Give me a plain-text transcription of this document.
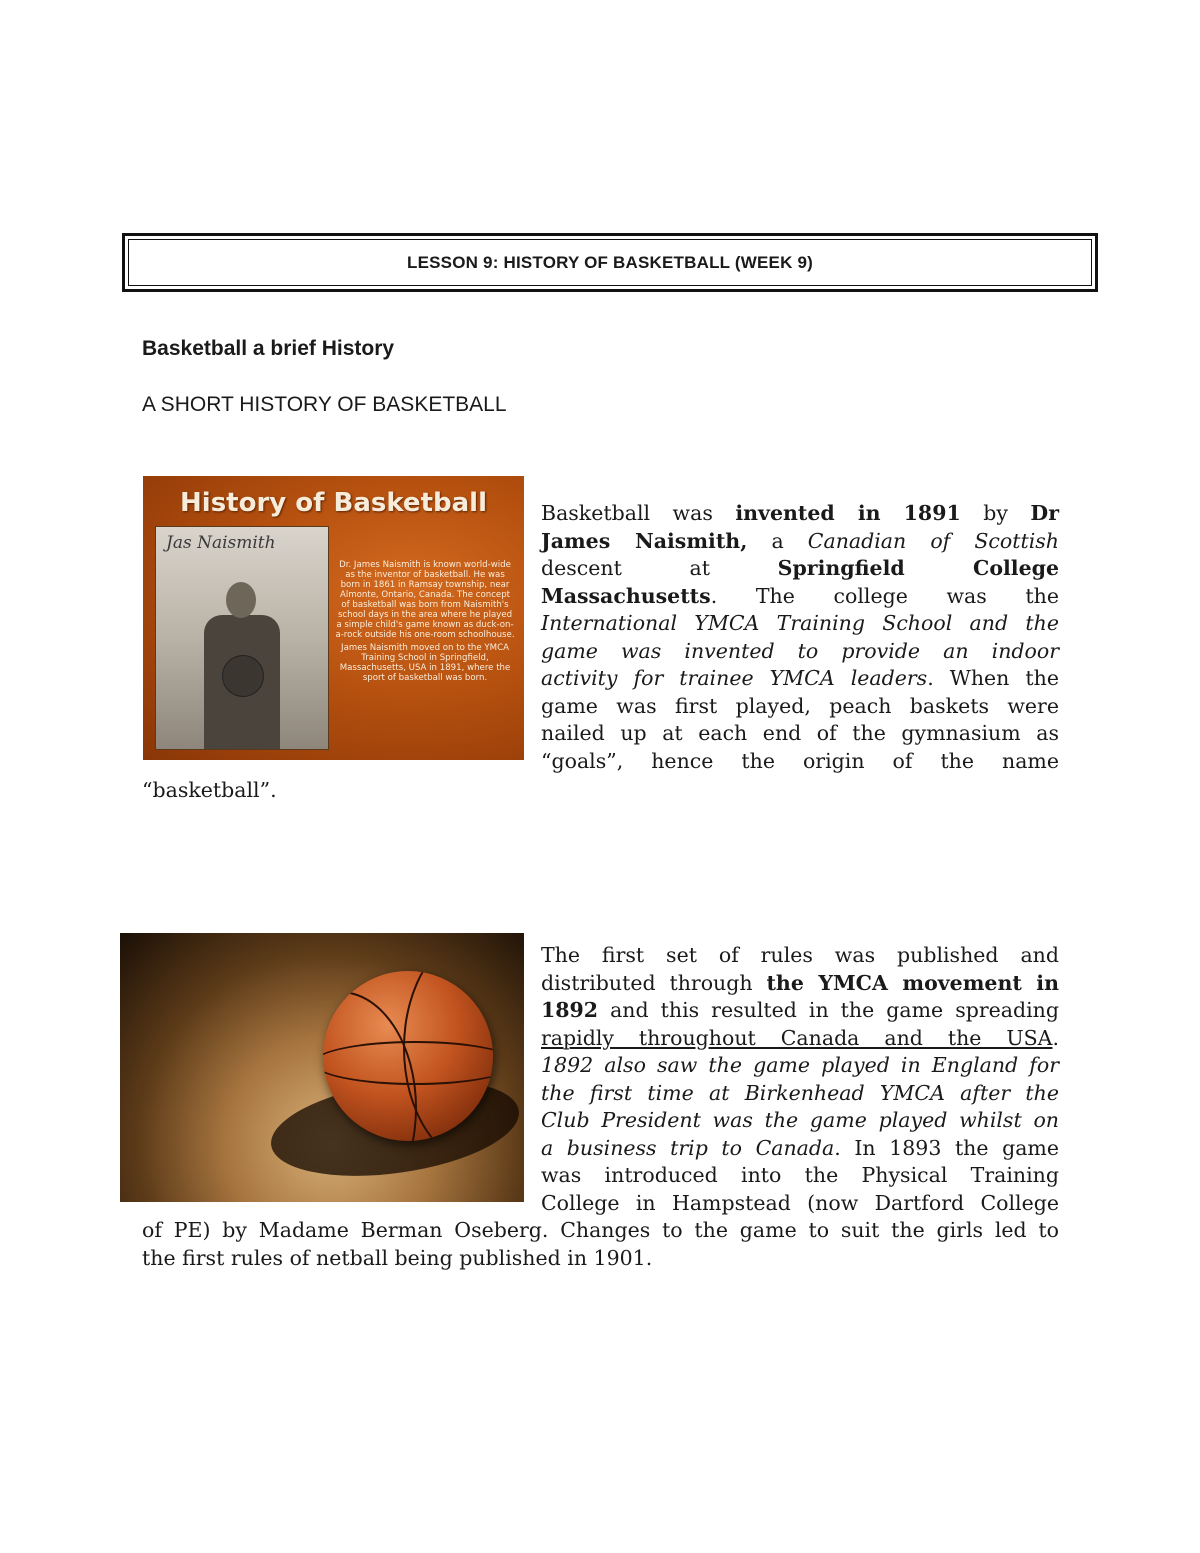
LESSON 9: HISTORY OF BASKETBALL (WEEK 9)
Basketball a brief History
A SHORT HISTORY OF BASKETBALL
History of Basketball
Jas Naismith

Dr. James Naismith is known world-wide as the inventor of basketball. He was born in 1861 in Ramsay township, near Almonte, Ontario, Canada. The concept of basketball was born from Naismith's school days in the area where he played a simple child's game known as duck-on-a-rock outside his one-room schoolhouse.

James Naismith moved on to the YMCA Training School in Springfield, Massachusetts, USA in 1891, where the sport of basketball was born.

Basketball was invented in 1891 by Dr
James Naismith, a Canadian of Scottish
descent at Springfield College
Massachusetts. The college was the
International YMCA Training School and the
game was invented to provide an indoor
activity for trainee YMCA leaders. When the
game was first played, peach baskets were
nailed up at each end of the gymnasium as
“goals”, hence the origin of the name
“basketball”.
The first set of rules was published and
distributed through the YMCA movement in
1892 and this resulted in the game spreading
rapidly throughout Canada and the USA.
1892 also saw the game played in England for
the first time at Birkenhead YMCA after the
Club President was the game played whilst on
a business trip to Canada. In 1893 the game
was introduced into the Physical Training
College in Hampstead (now Dartford College
of PE) by Madame Berman Oseberg. Changes to the game to suit the girls led to
the first rules of netball being published in 1901.
